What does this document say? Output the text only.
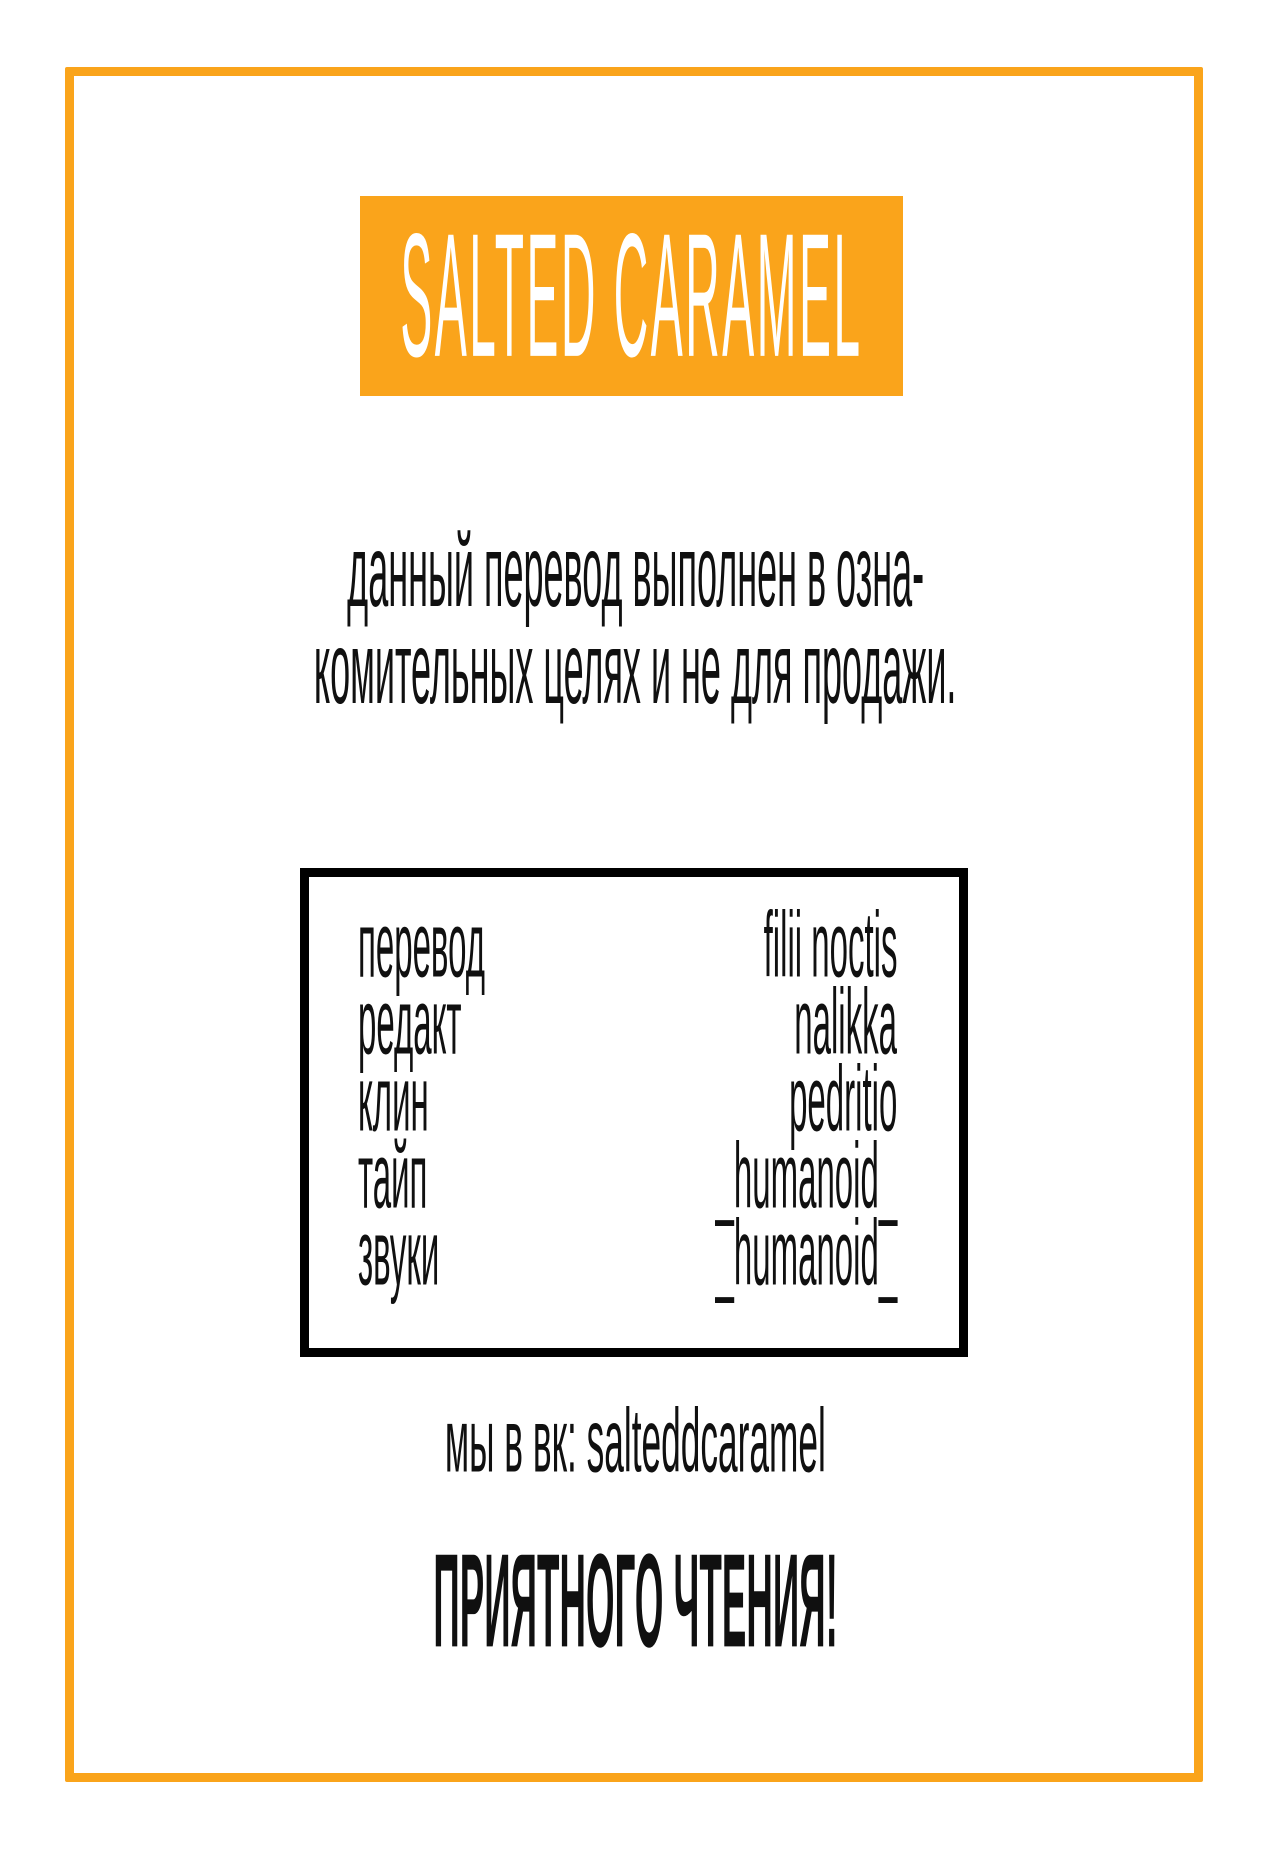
SALTED CARAMEL
данный перевод выполнен в озна-
комительных целях и не для продажи.
перевод	filii noctis
редакт	nalikka
клин	pedritio
тайп	_humanoid_
звуки	_humanoid_
мы в вк: salteddcaramel
ПРИЯТНОГО ЧТЕНИЯ!
